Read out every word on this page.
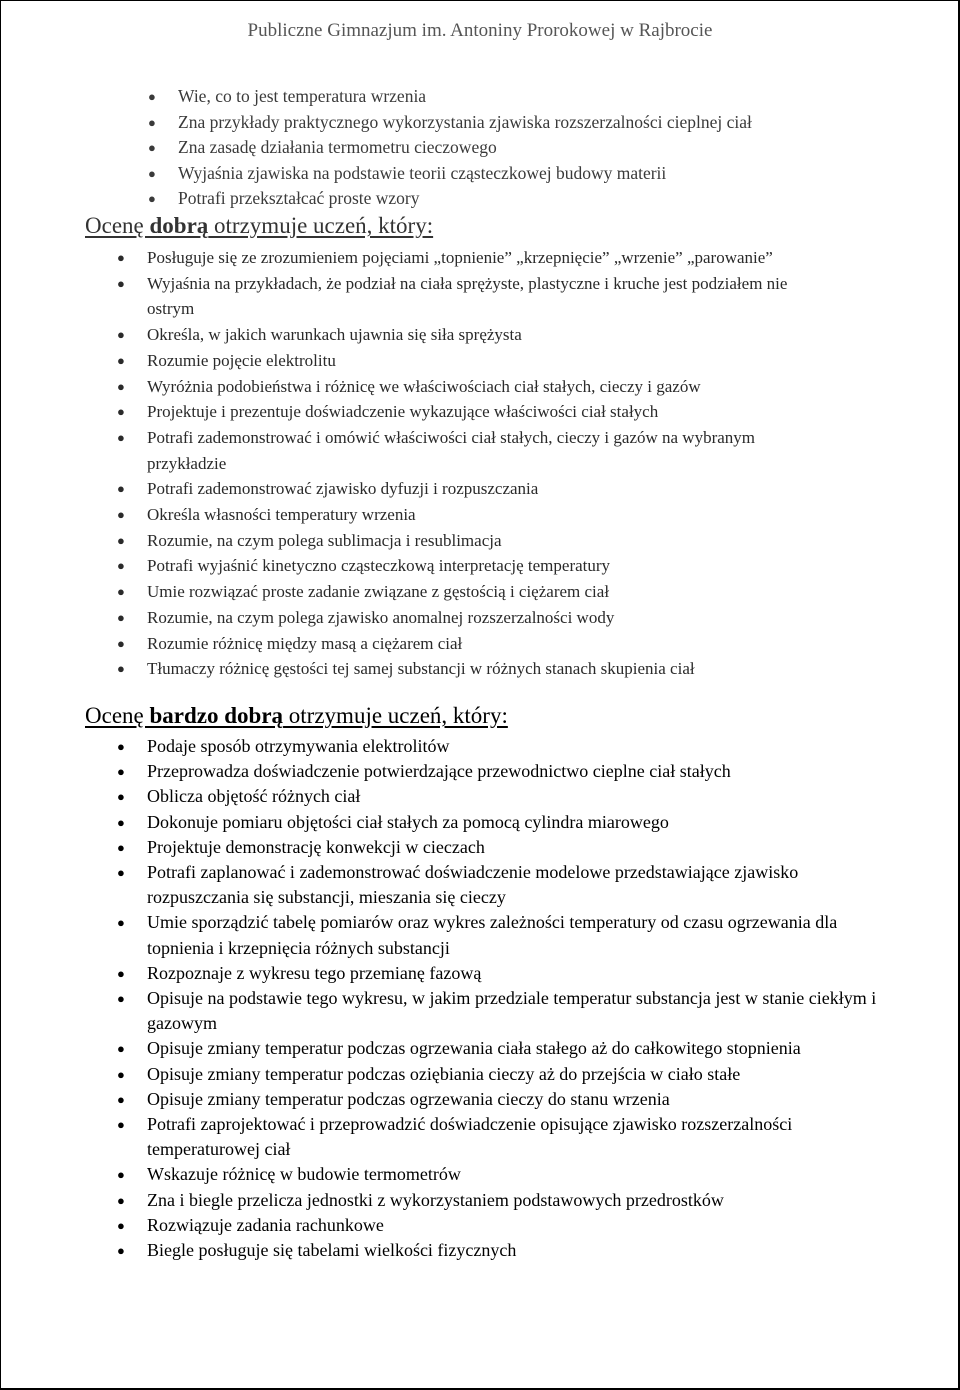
Publiczne Gimnazjum im. Antoniny Prorokowej w Rajbrocie
● Wie, co to jest temperatura wrzenia
● Zna przykłady praktycznego wykorzystania zjawiska rozszerzalności cieplnej ciał
● Zna zasadę działania termometru cieczowego
● Wyjaśnia zjawiska na podstawie teorii cząsteczkowej budowy materii
● Potrafi przekształcać proste wzory
Ocenę dobrą otrzymuje uczeń, który:
● Posługuje się ze zrozumieniem pojęciami „topnienie” „krzepnięcie” „wrzenie” „parowanie”
● Wyjaśnia na przykładach, że podział na ciała sprężyste, plastyczne i kruche jest podziałem nie ostrym
● Określa, w jakich warunkach ujawnia się siła sprężysta
● Rozumie pojęcie elektrolitu
● Wyróżnia podobieństwa i różnicę we właściwościach ciał stałych, cieczy i gazów
● Projektuje i prezentuje doświadczenie wykazujące właściwości ciał stałych
● Potrafi zademonstrować i omówić właściwości ciał stałych, cieczy i gazów na wybranym przykładzie
● Potrafi zademonstrować zjawisko dyfuzji i rozpuszczania
● Określa własności temperatury wrzenia
● Rozumie, na czym polega sublimacja i resublimacja
● Potrafi wyjaśnić kinetyczno cząsteczkową interpretację temperatury
● Umie rozwiązać proste zadanie związane z gęstością i ciężarem ciał
● Rozumie, na czym polega zjawisko anomalnej rozszerzalności wody
● Rozumie różnicę między masą a ciężarem ciał
● Tłumaczy różnicę gęstości tej samej substancji w różnych stanach skupienia ciał
Ocenę bardzo dobrą otrzymuje uczeń, który:
● Podaje sposób otrzymywania elektrolitów
● Przeprowadza doświadczenie potwierdzające przewodnictwo cieplne ciał stałych
● Oblicza objętość różnych ciał
● Dokonuje pomiaru objętości ciał stałych za pomocą cylindra miarowego
● Projektuje demonstrację konwekcji w cieczach
● Potrafi zaplanować i zademonstrować doświadczenie modelowe przedstawiające zjawisko rozpuszczania się substancji, mieszania się cieczy
● Umie sporządzić tabelę pomiarów oraz wykres zależności temperatury od czasu ogrzewania dla topnienia i krzepnięcia różnych substancji
● Rozpoznaje z wykresu tego przemianę fazową
● Opisuje na podstawie tego wykresu, w jakim przedziale temperatur substancja jest w stanie ciekłym i gazowym
● Opisuje zmiany temperatur podczas ogrzewania ciała stałego aż do całkowitego stopnienia
● Opisuje zmiany temperatur podczas oziębiania cieczy aż do przejścia w ciało stałe
● Opisuje zmiany temperatur podczas ogrzewania cieczy do stanu wrzenia
● Potrafi zaprojektować i przeprowadzić doświadczenie opisujące zjawisko rozszerzalności temperaturowej ciał
● Wskazuje różnicę w budowie termometrów
● Zna i biegle przelicza jednostki z wykorzystaniem podstawowych przedrostków
● Rozwiązuje zadania rachunkowe
● Biegle posługuje się tabelami wielkości fizycznych
